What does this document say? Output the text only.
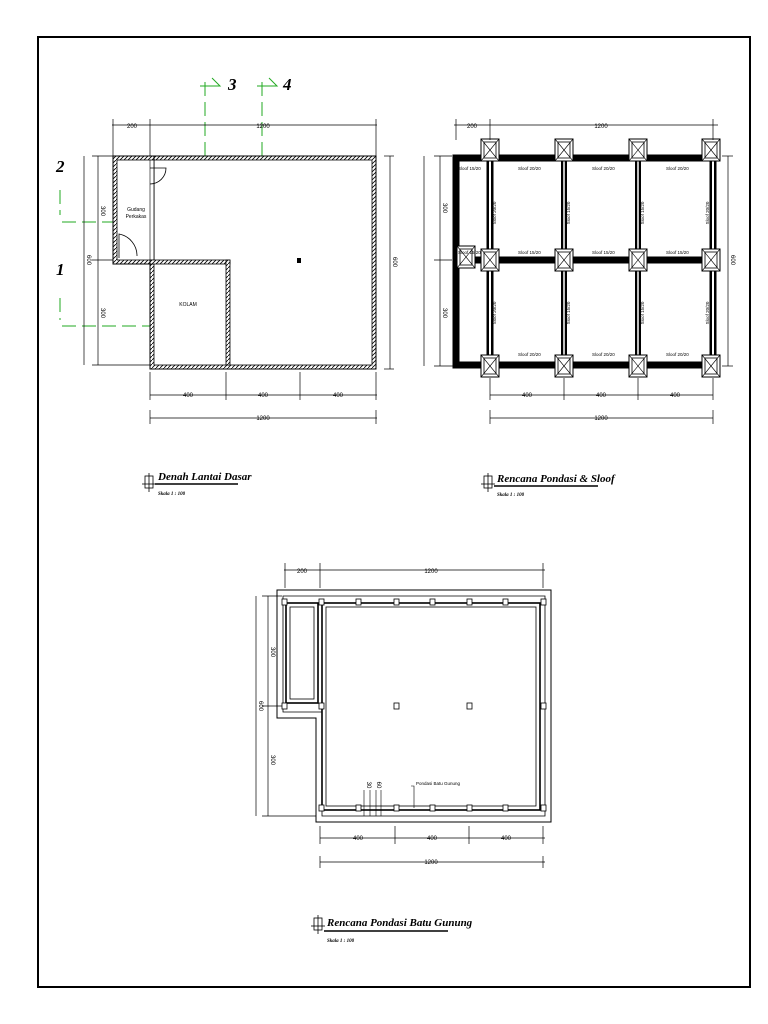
3	4
2
1
Gudang
Perkakas
KOLAM
200	1200
300
300
600	600
400	400	400
1200
Denah Lantai Dasar
Skala 1 : 100
Sloof 15/20	Sloof 20/20	Sloof 20/20	Sloof 20/20
Sloof 15/20	Sloof 15/20	Sloof 15/20	Sloof 15/20
Sloof 20/20	Sloof 20/20	Sloof 20/20
Sloof 15/20	Sloof 20/20	Sloof 15/20	Sloof 15/20	Sloof 20/20
Sloof 20/20	Sloof 15/20	Sloof 15/20	Sloof 20/20
200	1200
300
300
600
400	400	400
1200
Rencana Pondasi & Sloof
Skala 1 : 100
Pondasi Batu Gunung
30 60
200	1200
300
300
600
400	400	400
1200
Rencana Pondasi Batu Gunung
Skala 1 : 100
